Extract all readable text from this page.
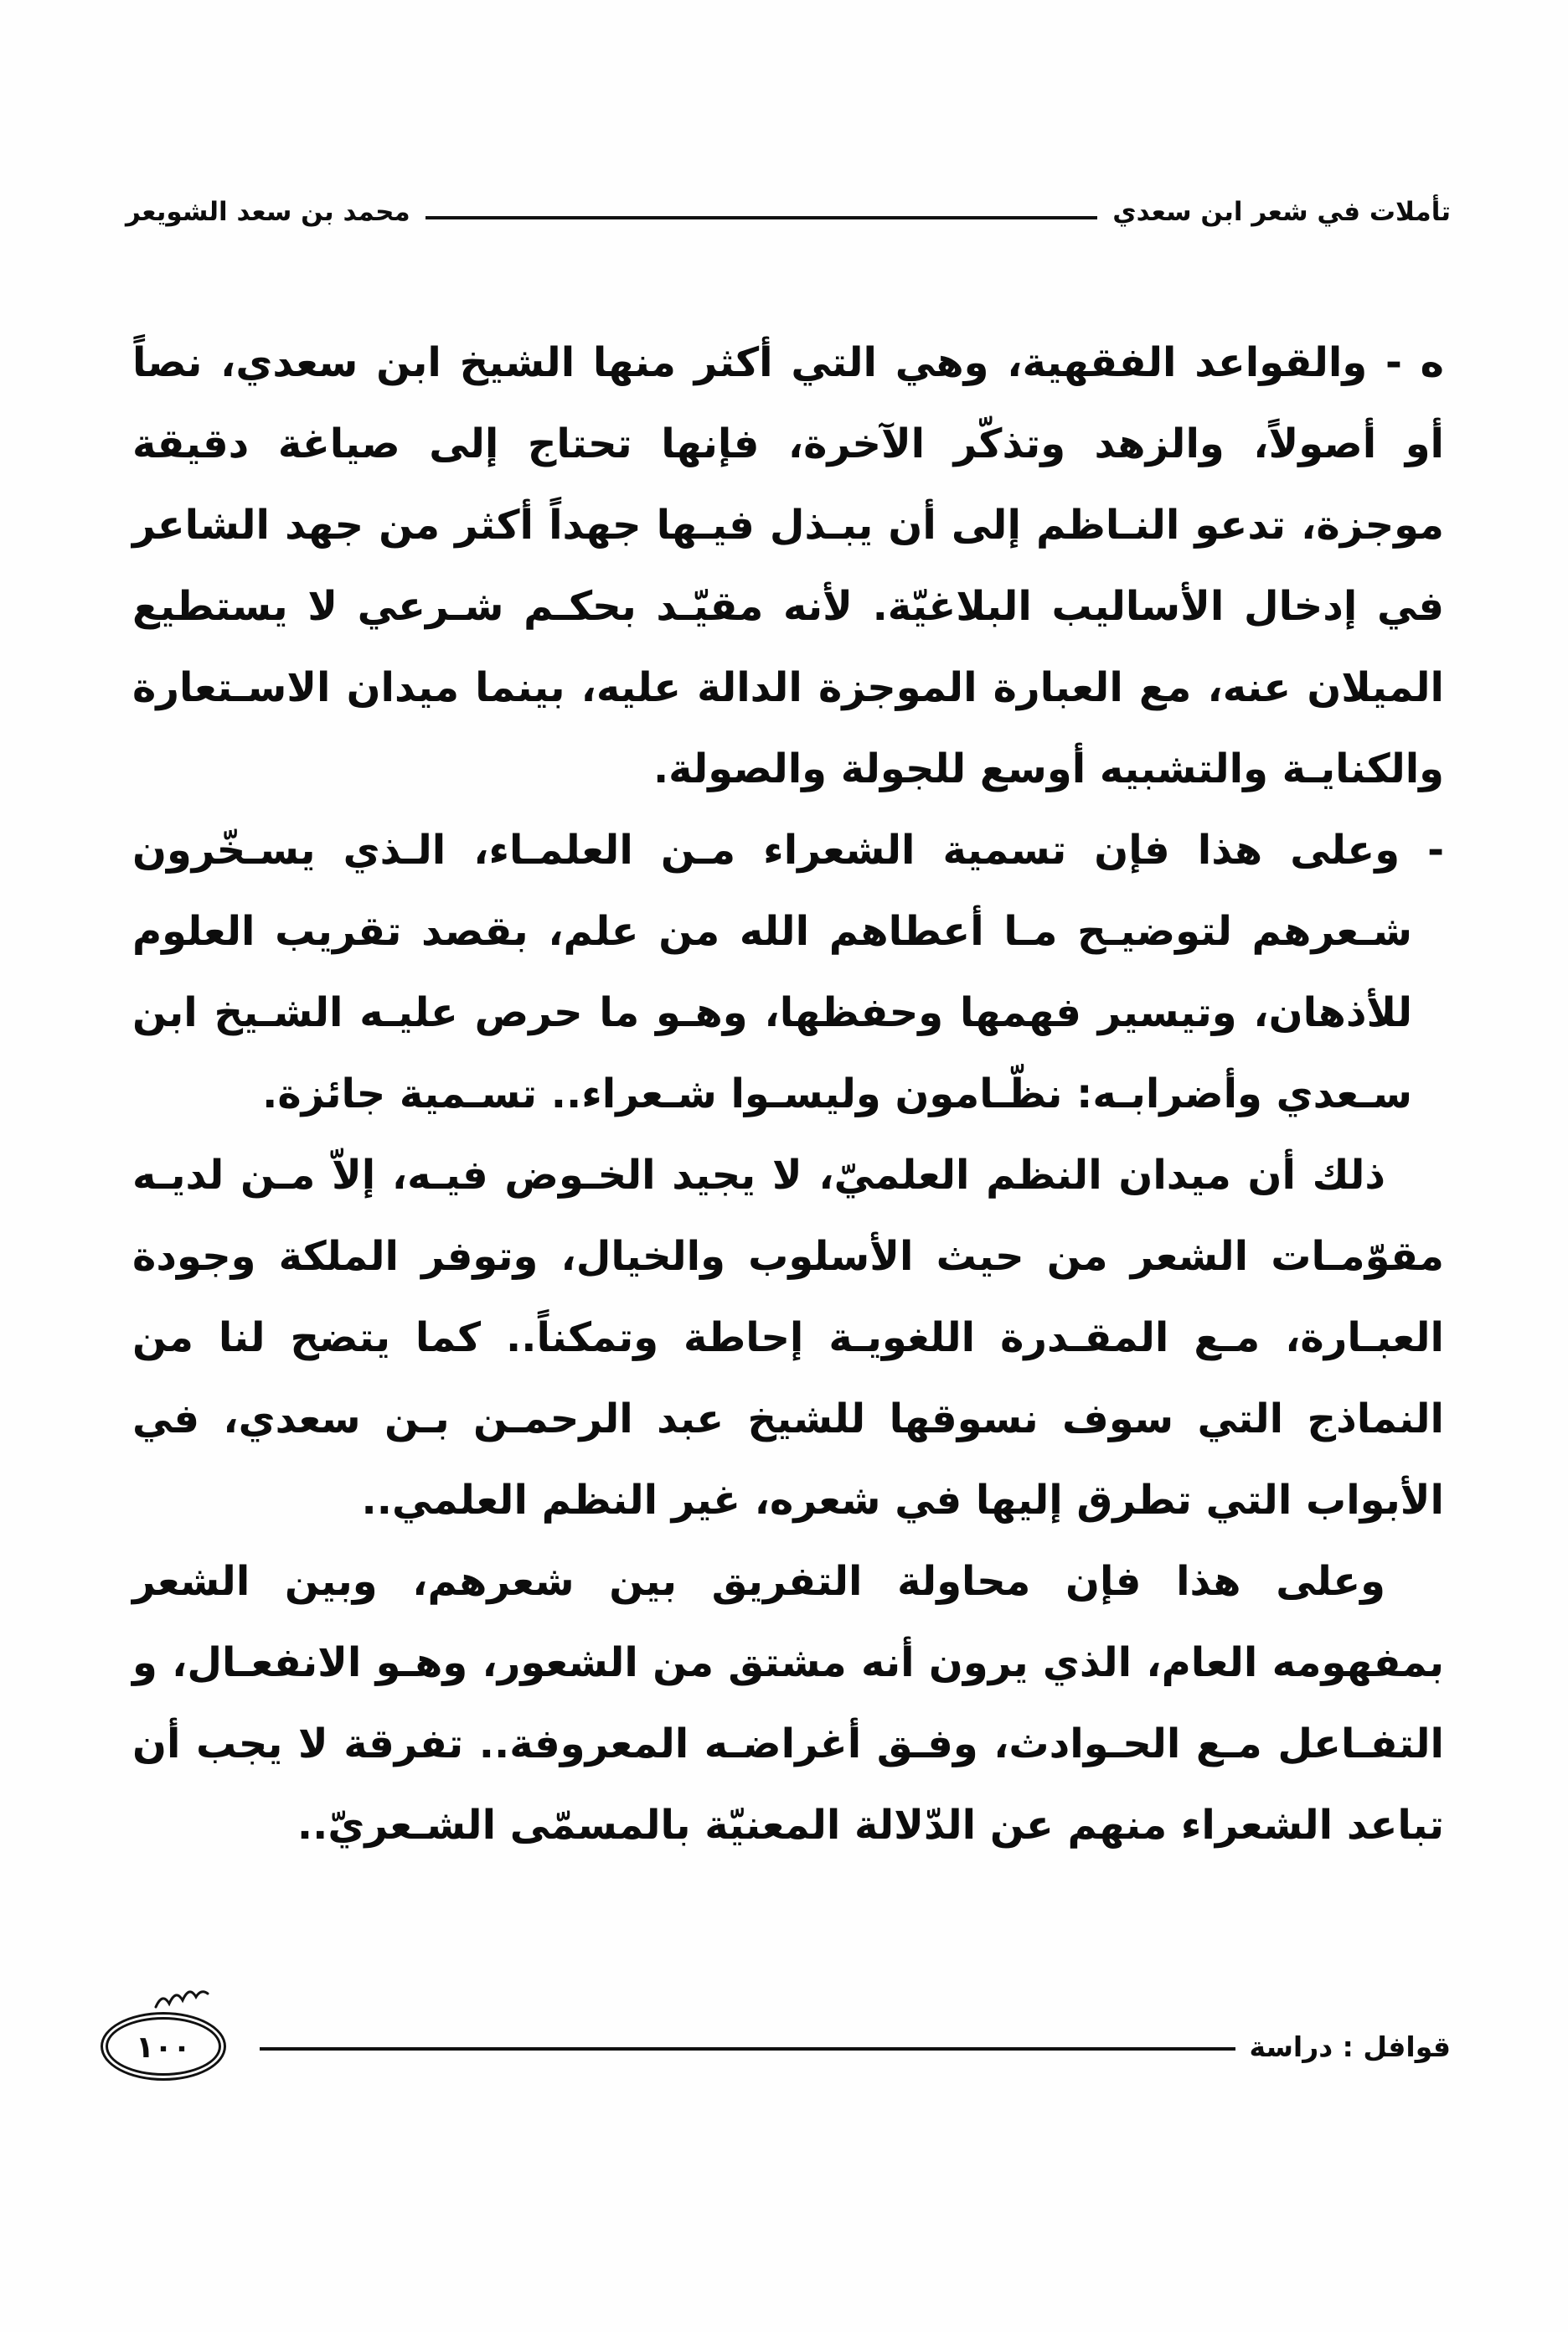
تأملات في شعر ابن سعدي
محمد بن سعد الشويعر

ه - والقواعد الفقهية، وهي التي أكثر منها الشيخ ابن سعدي، نصاً أو أصولاً، والزهد وتذكّر الآخرة، فإنها تحتاج إلى صياغة دقيقة موجزة، تدعو النـاظم إلى أن يبـذل فيـها جهداً أكثر من جهد الشاعر في إدخال الأساليب البلاغيّة. لأنه مقيّـد بحكـم شـرعي لا يستطيع الميلان عنه، مع العبارة الموجزة الدالة عليه، بينما ميدان الاسـتعارة والكنايـة والتشبيه أوسع للجولة والصولة.

- وعلى هذا فإن تسمية الشعراء مـن العلمـاء، الـذي يسـخّرون شـعرهم لتوضيـح مـا أعطاهم الله من علم، بقصد تقريب العلوم للأذهان، وتيسير فهمها وحفظها، وهـو ما حرص عليـه الشـيخ ابن سـعدي وأضرابـه: نظّـامون وليسـوا شـعراء.. تسـمية جائزة.

ذلك أن ميدان النظم العلميّ، لا يجيد الخـوض فيـه، إلاّ مـن لديـه مقوّمـات الشعر من حيث الأسلوب والخيال، وتوفر الملكة وجودة العبـارة، مـع المقـدرة اللغويـة إحاطة وتمكناً.. كما يتضح لنا من النماذج التي سوف نسوقها للشيخ عبد الرحمـن بـن سعدي، في الأبواب التي تطرق إليها في شعره، غير النظم العلمي..

وعلى هذا فإن محاولة التفريق بين شعرهم، وبين الشعر بمفهومه العام، الذي يرون أنه مشتق من الشعور، وهـو الانفعـال، و التفـاعل مـع الحـوادث، وفـق أغراضـه المعروفة.. تفرقة لا يجب أن تباعد الشعراء منهم عن الدّلالة المعنيّة بالمسمّى الشـعريّ..

قوافل : دراسة
١٠٠
